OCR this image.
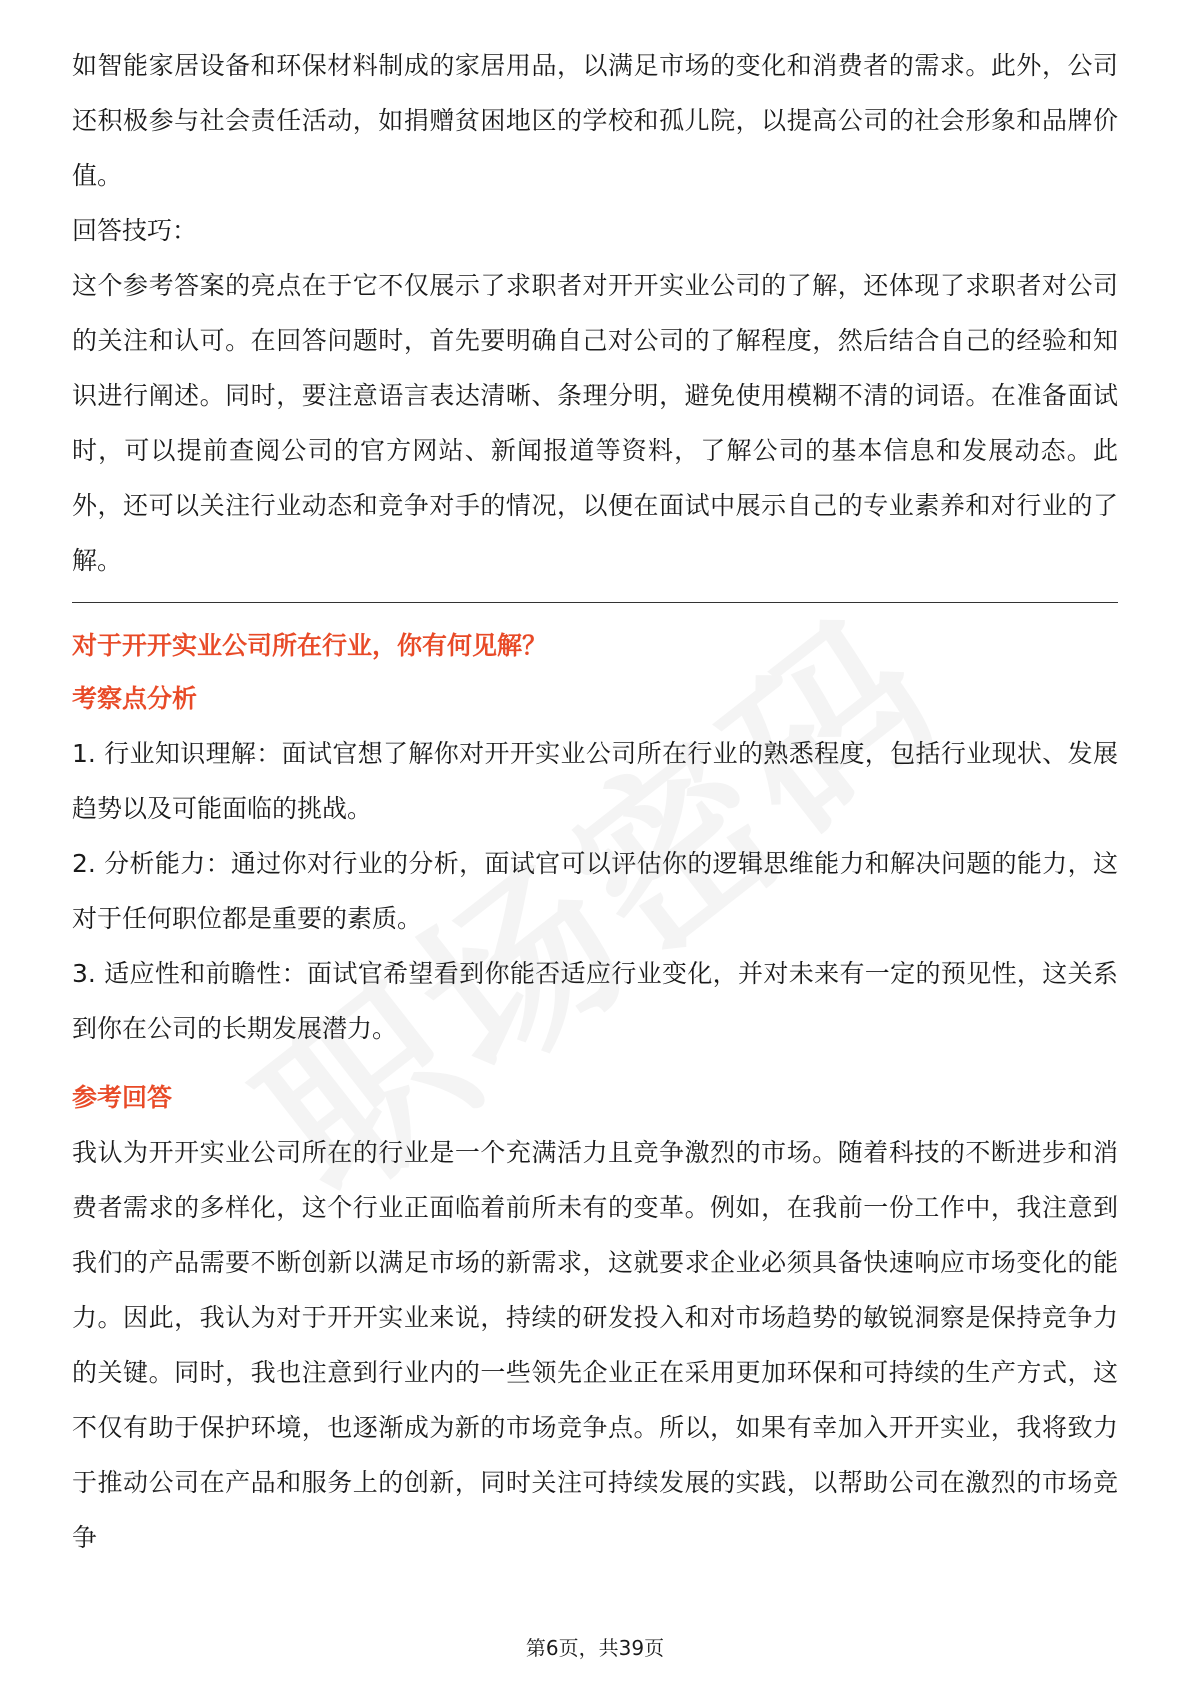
如智能家居设备和环保材料制成的家居用品，以满足市场的变化和消费者的需求。此外，公司还积极参与社会责任活动，如捐赠贫困地区的学校和孤儿院，以提高公司的社会形象和品牌价值。

回答技巧：

这个参考答案的亮点在于它不仅展示了求职者对开开实业公司的了解，还体现了求职者对公司的关注和认可。在回答问题时，首先要明确自己对公司的了解程度，然后结合自己的经验和知识进行阐述。同时，要注意语言表达清晰、条理分明，避免使用模糊不清的词语。在准备面试时，可以提前查阅公司的官方网站、新闻报道等资料，了解公司的基本信息和发展动态。此外，还可以关注行业动态和竞争对手的情况，以便在面试中展示自己的专业素养和对行业的了解。

对于开开实业公司所在行业，你有何见解？
考察点分析

1. 行业知识理解：面试官想了解你对开开实业公司所在行业的熟悉程度，包括行业现状、发展趋势以及可能面临的挑战。

2. 分析能力：通过你对行业的分析，面试官可以评估你的逻辑思维能力和解决问题的能力，这对于任何职位都是重要的素质。

3. 适应性和前瞻性：面试官希望看到你能否适应行业变化，并对未来有一定的预见性，这关系到你在公司的长期发展潜力。

参考回答

我认为开开实业公司所在的行业是一个充满活力且竞争激烈的市场。随着科技的不断进步和消费者需求的多样化，这个行业正面临着前所未有的变革。例如，在我前一份工作中，我注意到我们的产品需要不断创新以满足市场的新需求，这就要求企业必须具备快速响应市场变化的能力。因此，我认为对于开开实业来说，持续的研发投入和对市场趋势的敏锐洞察是保持竞争力的关键。同时，我也注意到行业内的一些领先企业正在采用更加环保和可持续的生产方式，这不仅有助于保护环境，也逐渐成为新的市场竞争点。所以，如果有幸加入开开实业，我将致力于推动公司在产品和服务上的创新，同时关注可持续发展的实践，以帮助公司在激烈的市场竞争

第6页，共39页
